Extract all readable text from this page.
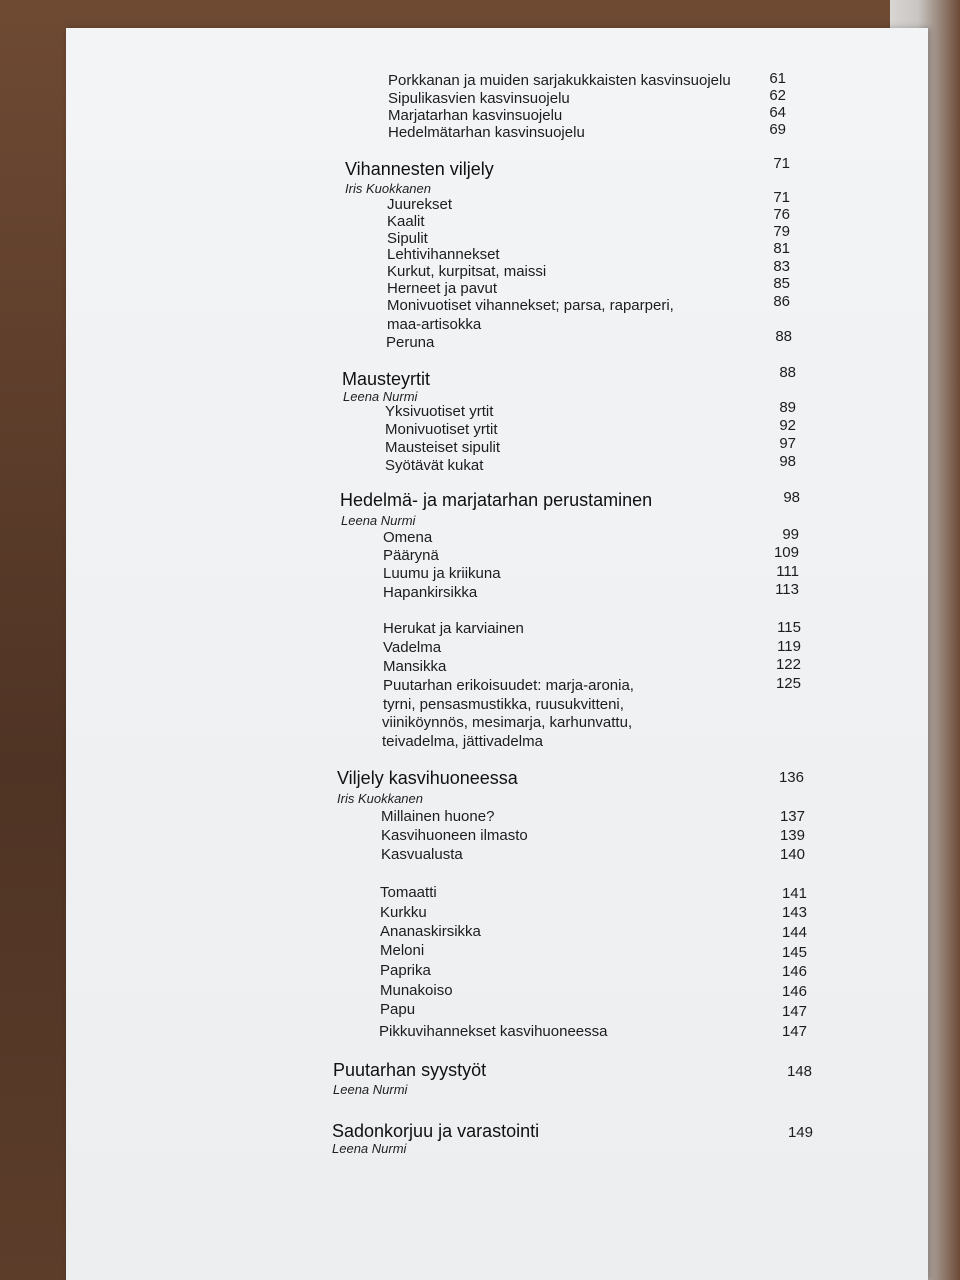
Porkkanan ja muiden sarjakukkaisten kasvinsuojelu	61
Sipulikasvien kasvinsuojelu	62
Marjatarhan kasvinsuojelu	64
Hedelmätarhan kasvinsuojelu	69
Vihannesten viljely	71
Iris Kuokkanen
Juurekset	71
Kaalit	76
Sipulit	79
Lehtivihannekset	81
Kurkut, kurpitsat, maissi	83
Herneet ja pavut	85
Monivuotiset vihannekset; parsa, raparperi,	86
maa-artisokka
Peruna	88
Mausteyrtit	88
Leena Nurmi
Yksivuotiset yrtit	89
Monivuotiset yrtit	92
Mausteiset sipulit	97
Syötävät kukat	98
Hedelmä- ja marjatarhan perustaminen	98
Leena Nurmi
Omena	99
Päärynä	109
Luumu ja kriikuna	111
Hapankirsikka	113
Herukat ja karviainen	115
Vadelma	119
Mansikka	122
Puutarhan erikoisuudet: marja-aronia,	125
tyrni, pensasmustikka, ruusukvitteni,
viiniköynnös, mesimarja, karhunvattu,
teivadelma, jättivadelma
Viljely kasvihuoneessa	136
Iris Kuokkanen
Millainen huone?	137
Kasvihuoneen ilmasto	139
Kasvualusta	140
Tomaatti	141
Kurkku	143
Ananaskirsikka	144
Meloni	145
Paprika	146
Munakoiso	146
Papu	147
Pikkuvihannekset kasvihuoneessa	147
Puutarhan syystyöt	148
Leena Nurmi
Sadonkorjuu ja varastointi	149
Leena Nurmi
